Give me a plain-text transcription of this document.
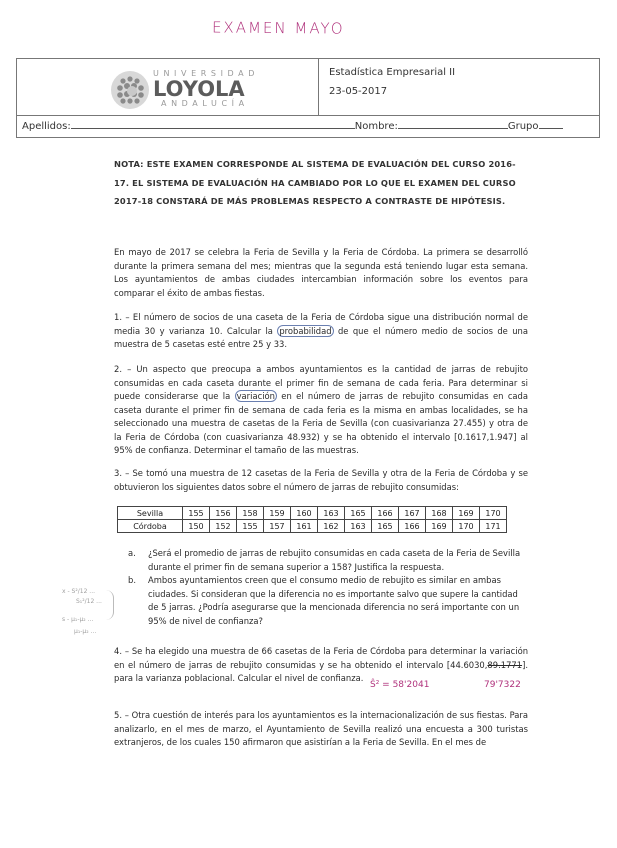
EXAMEN MAYO
UNIVERSIDAD
LOYOLA
ANDALUCÍA
Estadística Empresarial II
23-05-2017
Apellidos:	Nombre:	Grupo
NOTA: ESTE EXAMEN CORRESPONDE AL SISTEMA DE EVALUACIÓN DEL CURSO 2016-17. EL SISTEMA DE EVALUACIÓN HA CAMBIADO POR LO QUE EL EXAMEN DEL CURSO 2017-18 CONSTARÁ DE MÁS PROBLEMAS RESPECTO A CONTRASTE DE HIPÓTESIS.
En mayo de 2017 se celebra la Feria de Sevilla y la Feria de Córdoba. La primera se desarrolló durante la primera semana del mes; mientras que la segunda está teniendo lugar esta semana. Los ayuntamientos de ambas ciudades intercambian información sobre los eventos para comparar el éxito de ambas fiestas.
1. – El número de socios de una caseta de la Feria de Córdoba sigue una distribución normal de media 30 y varianza 10. Calcular la probabilidad de que el número medio de socios de una muestra de 5 casetas esté entre 25 y 33.
2. – Un aspecto que preocupa a ambos ayuntamientos es la cantidad de jarras de rebujito consumidas en cada caseta durante el primer fin de semana de cada feria. Para determinar si puede considerarse que la variación en el número de jarras de rebujito consumidas en cada caseta durante el primer fin de semana de cada feria es la misma en ambas localidades, se ha seleccionado una muestra de casetas de la Feria de Sevilla (con cuasivarianza 27.455) y otra de la Feria de Córdoba (con cuasivarianza 48.932) y se ha obtenido el intervalo [0.1617,1.947] al 95% de confianza. Determinar el tamaño de las muestras.
3. – Se tomó una muestra de 12 casetas de la Feria de Sevilla y otra de la Feria de Córdoba y se obtuvieron los siguientes datos sobre el número de jarras de rebujito consumidas:
Sevilla	155	156	158	159	160	163	165	166	167	168	169	170
Córdoba	150	152	155	157	161	162	163	165	166	169	170	171
a. ¿Será el promedio de jarras de rebujito consumidas en cada caseta de la Feria de Sevilla durante el primer fin de semana superior a 158? Justifica la respuesta.
b. Ambos ayuntamientos creen que el consumo medio de rebujito es similar en ambas ciudades. Si consideran que la diferencia no es importante salvo que supere la cantidad de 5 jarras. ¿Podría asegurarse que la mencionada diferencia no será importante con un 95% de nivel de confianza?
x - S²/12 ...
S₁²/12 ...
s - μ₁-μ₂ ...
μ₁-μ₂ ...
4. – Se ha elegido una muestra de 66 casetas de la Feria de Córdoba para determinar la variación en el número de jarras de rebujito consumidas y se ha obtenido el intervalo [44.6030,89.1771]. para la varianza poblacional. Calcular el nivel de confianza.
Ŝ² = 58'2041	79'7322
5. – Otra cuestión de interés para los ayuntamientos es la internacionalización de sus fiestas. Para analizarlo, en el mes de marzo, el Ayuntamiento de Sevilla realizó una encuesta a 300 turistas extranjeros, de los cuales 150 afirmaron que asistirían a la Feria de Sevilla. En el mes de
